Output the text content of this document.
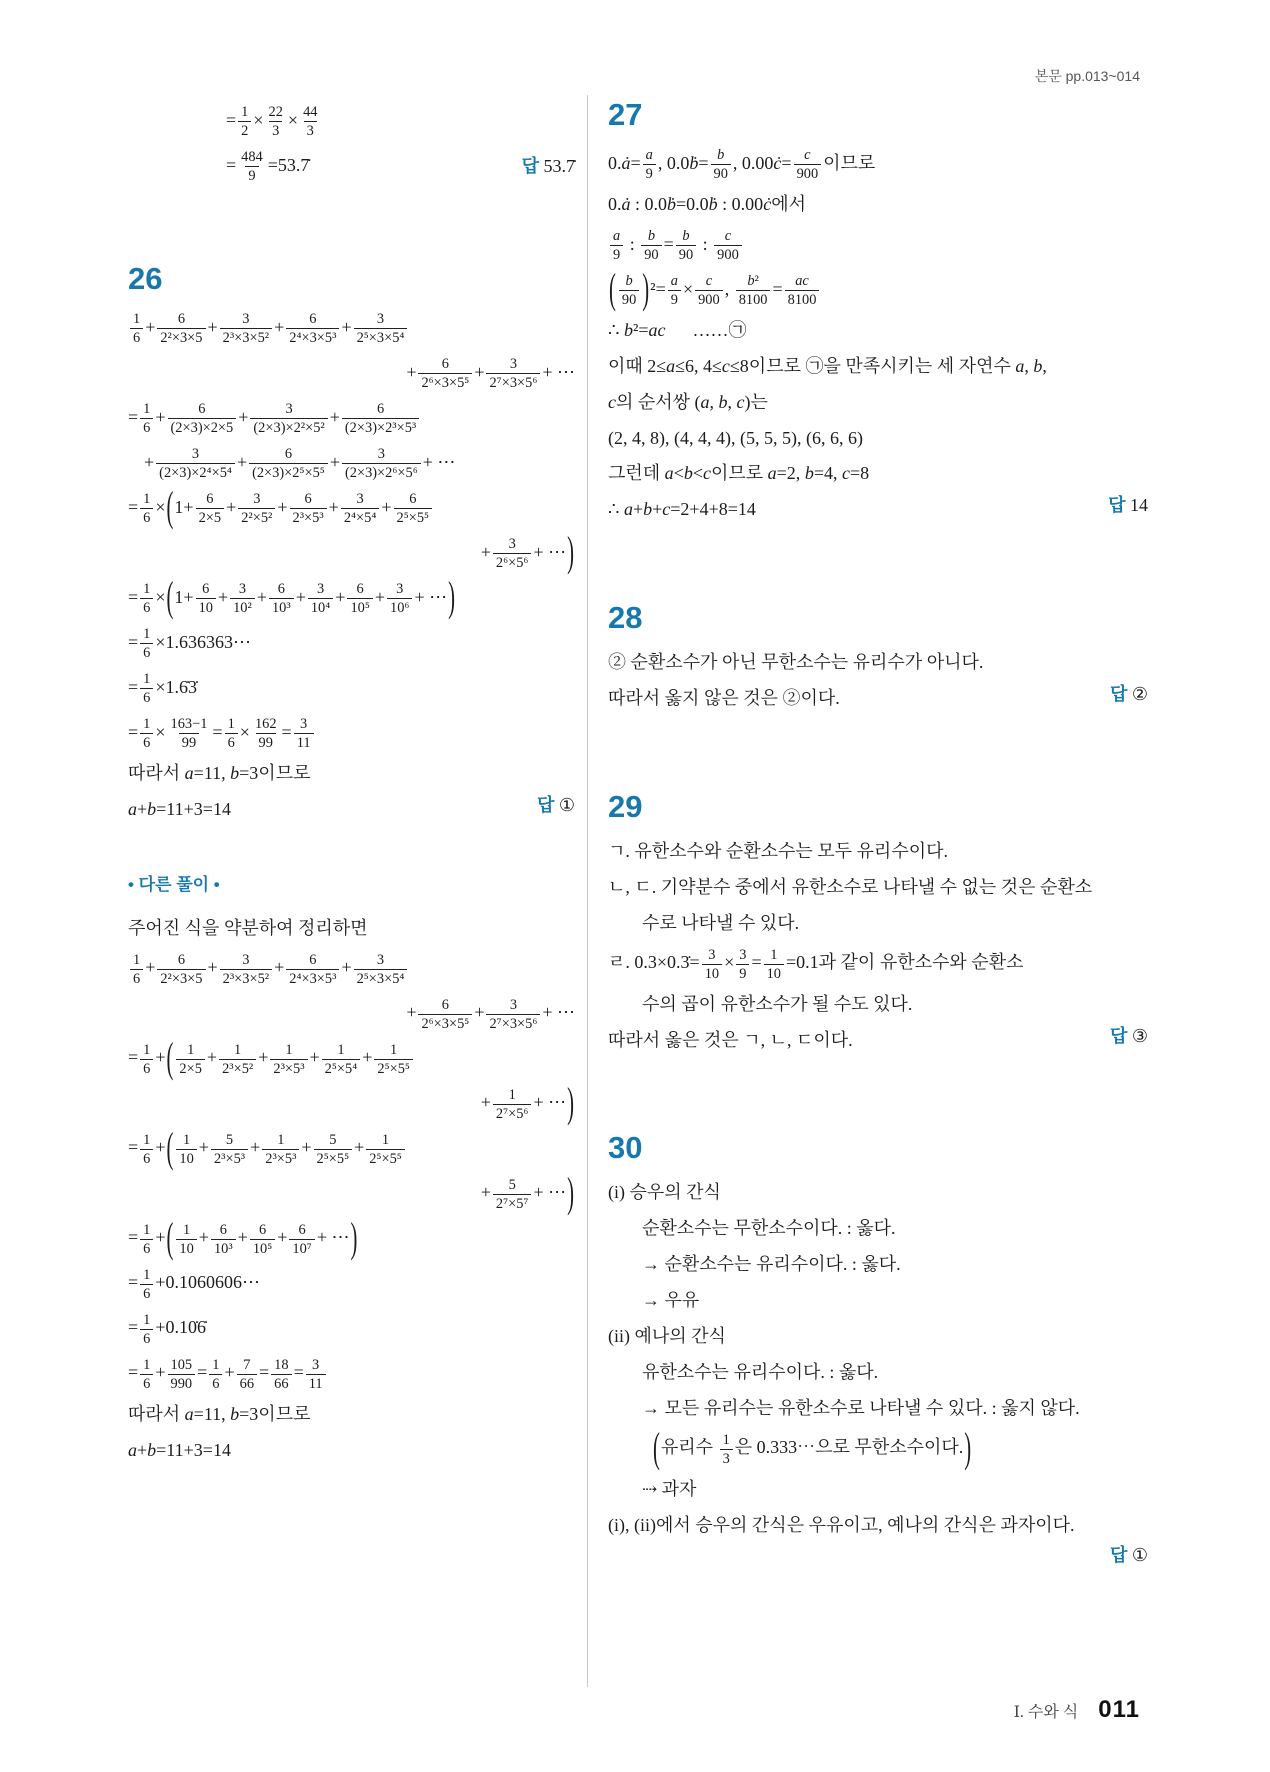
본문 pp.013~014
= $\frac{1}{2} \times \frac{22}{3} \times \frac{44}{3}$
= $\frac{484}{9}$ =53.7̇	답  53.7̇
26
$\frac{1}{6} + \frac{6}{\text{2²×3×5}} + \frac{3}{\text{2³×3×5²}} + \frac{6}{\text{2⁴×3×5³}} + \frac{3}{\text{2⁵×3×5⁴}}$
+ $\frac{6}{\text{2⁶×3×5⁵}} + \frac{3}{\text{2⁷×3×5⁶}}$ + ⋯
= $\frac{1}{6} + \frac{6}{(2\times 3)\times 2\times 5} + \frac{3}{\text{(2×3)×2²×5²}} + \frac{6}{\text{(2×3)×2³×5³}}$
+ $\frac{3}{\text{(2×3)×2⁴×5⁴}} + \frac{6}{\text{(2×3)×2⁵×5⁵}} + \frac{3}{\text{(2×3)×2⁶×5⁶}}$ + ⋯
= $\frac{1}{6} \times(1+ \frac{6}{2\times 5} + \frac{3}{\text{2²×5²}} + \frac{6}{\text{2³×5³}} + \frac{3}{\text{2⁴×5⁴}} + \frac{6}{\text{2⁵×5⁵}}$
+ $\frac{3}{\text{2⁶×5⁶}}$ + ⋯)
= $\frac{1}{6} \times(1+ \frac{6}{10} + \frac{3}{\text{10²}} + \frac{6}{\text{10³}} + \frac{3}{\text{10⁴}} + \frac{6}{\text{10⁵}} + \frac{3}{\text{10⁶}}$ + ⋯)
= $\frac{1}{6}$ ×1.636363⋯
= $\frac{1}{6}$ ×1.6̇3̇
= $\frac{1}{6} \times \frac{163-1}{99} = \frac{1}{6} \times \frac{162}{99} = \frac{3}{11}$
따라서 a=11, b=3이므로
a+b=11+3=14	답  ①
• 다른 풀이 •
주어진 식을 약분하여 정리하면
$\frac{1}{6} + \frac{6}{\text{2²×3×5}} + \frac{3}{\text{2³×3×5²}} + \frac{6}{\text{2⁴×3×5³}} + \frac{3}{\text{2⁵×3×5⁴}}$
+ $\frac{6}{\text{2⁶×3×5⁵}} + \frac{3}{\text{2⁷×3×5⁶}}$ + ⋯
= $\frac{1}{6}$ +( $\frac{1}{2\times 5} + \frac{1}{\text{2³×5²}} + \frac{1}{\text{2³×5³}} + \frac{1}{\text{2⁵×5⁴}} + \frac{1}{\text{2⁵×5⁵}}$
+ $\frac{1}{\text{2⁷×5⁶}}$ + ⋯)
= $\frac{1}{6}$ +( $\frac{1}{10} + \frac{5}{\text{2³×5³}} + \frac{1}{\text{2³×5³}} + \frac{5}{\text{2⁵×5⁵}} + \frac{1}{\text{2⁵×5⁵}}$
+ $\frac{5}{\text{2⁷×5⁷}}$ + ⋯)
= $\frac{1}{6}$ +( $\frac{1}{10} + \frac{6}{\text{10³}} + \frac{6}{\text{10⁵}} + \frac{6}{\text{10⁷}}$ + ⋯)
= $\frac{1}{6}$ +0.1060606⋯
= $\frac{1}{6}$ +0.10̇6̇
= $\frac{1}{6} + \frac{105}{990} = \frac{1}{6} + \frac{7}{66} = \frac{18}{66} = \frac{3}{11}$
따라서 a=11, b=3이므로
a+b=11+3=14
27
0.ȧ= $\frac{a}{9}$ , 0.0ḃ= $\frac{b}{90}$ , 0.00ċ= $\frac{c}{900}$ 이므로
0.ȧ : 0.0ḃ=0.0ḃ : 0.00ċ에서
$\frac{a}{9}$ : $\frac{b}{90} = \frac{b}{90}$ : $\frac{c}{900}$
( $\frac{b}{90} )^2= \frac{a}{9} \times \frac{c}{900}$ , $\frac{\text{b²}}{8100} = \frac{ac}{8100}$
∴ b²=ac  ……㉠
이때 2≤a≤6, 4≤c≤8이므로 ㉠을 만족시키는 세 자연수 a, b,
c의 순서쌍 (a, b, c)는
(2, 4, 8), (4, 4, 4), (5, 5, 5), (6, 6, 6)
그런데 a<b<c이므로 a=2, b=4, c=8
∴ a+b+c=2+4+8=14	답  14
28
② 순환소수가 아닌 무한소수는 유리수가 아니다.
따라서 옳지 않은 것은 ②이다.	답  ②
29
ㄱ. 유한소수와 순환소수는 모두 유리수이다.
ㄴ, ㄷ. 기약분수 중에서 유한소수로 나타낼 수 없는 것은 순환소
수로 나타낼 수 있다.
ㄹ. 0.3×0.3̇= $\frac{3}{10} \times \frac{3}{9} = \frac{1}{10} =0.1$과 같이 유한소수와 순환소
수의 곱이 유한소수가 될 수도 있다.
따라서 옳은 것은 ㄱ, ㄴ, ㄷ이다.	답  ③
30
(i) 승우의 간식
순환소수는 무한소수이다. : 옳다.
→ 순환소수는 유리수이다. : 옳다.
→ 우유
(ii) 예나의 간식
유한소수는 유리수이다. : 옳다.
→ 모든 유리수는 유한소수로 나타낼 수 있다. : 옳지 않다.
(유리수 $\frac{1}{3}$ 은 0.333⋯으로 무한소수이다.)
⇢ 과자
(i), (ii)에서 승우의 간식은 우유이고, 예나의 간식은 과자이다.
답  ①
Ⅰ. 수와 식 011
